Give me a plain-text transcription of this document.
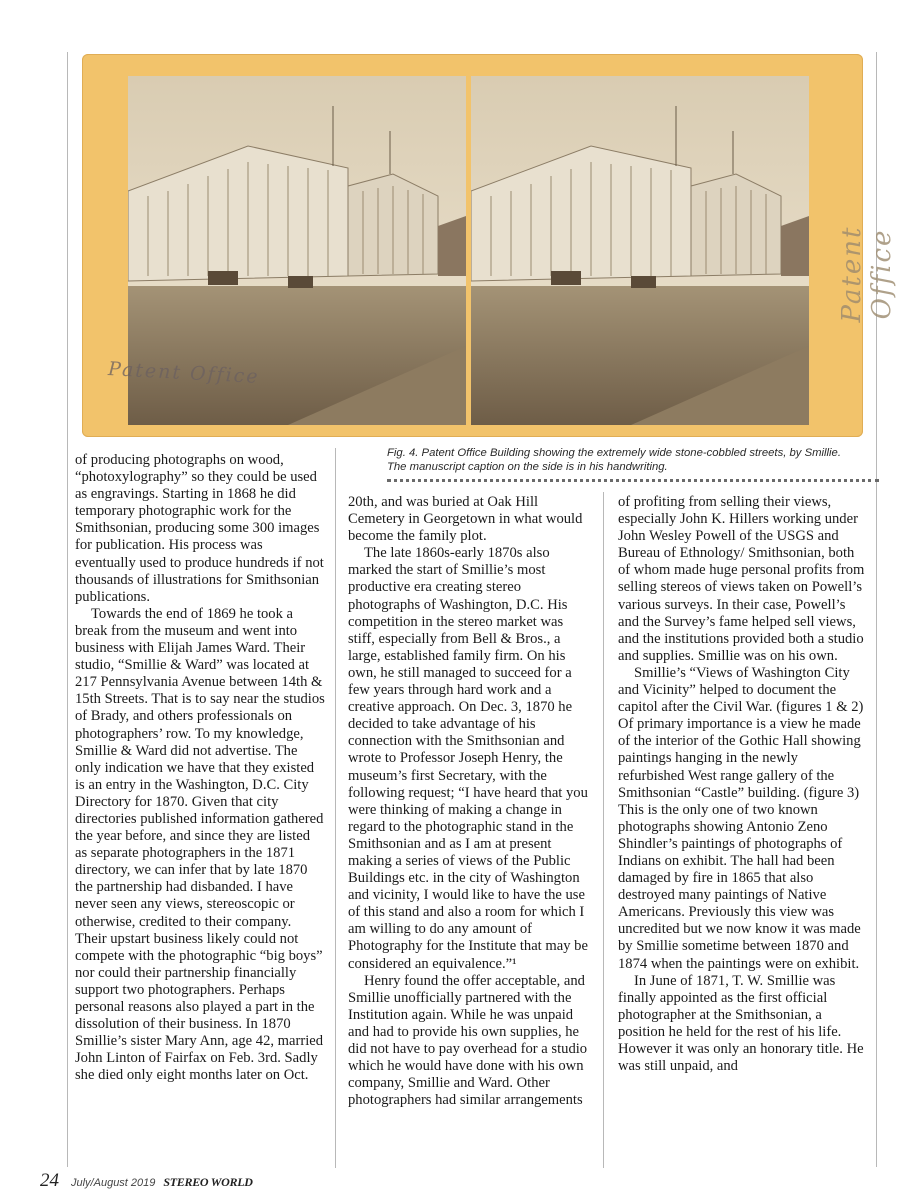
Patent Office
Patent Office
Fig. 4. Patent Office Building showing the extremely wide stone-cobbled streets, by Smillie.
The manuscript caption on the side is in his handwriting.

of producing photographs on wood, “photoxylography” so they could be used as engravings. Starting in 1868 he did temporary photographic work for the Smithsonian, producing some 300 images for publication. His process was eventually used to produce hundreds if not thousands of illustrations for Smithsonian publications.

Towards the end of 1869 he took a break from the museum and went into business with Elijah James Ward. Their studio, “Smillie & Ward” was located at 217 Pennsylvania Avenue between 14th & 15th Streets. That is to say near the studios of Brady, and others professionals on photographers’ row. To my knowledge, Smillie & Ward did not advertise. The only indication we have that they existed is an entry in the Washington, D.C. City Directory for 1870. Given that city directories published information gathered the year before, and since they are listed as separate photographers in the 1871 directory, we can infer that by late 1870 the partnership had disbanded. I have never seen any views, stereoscopic or otherwise, credited to their company. Their upstart business likely could not compete with the photographic “big boys” nor could their partnership financially support two photographers. Perhaps personal reasons also played a part in the dissolution of their business. In 1870 Smillie’s sister Mary Ann, age 42, married John Linton of Fairfax on Feb. 3rd. Sadly she died only eight months later on Oct.

20th, and was buried at Oak Hill Cemetery in Georgetown in what would become the family plot.

The late 1860s-early 1870s also marked the start of Smillie’s most productive era creating stereo photographs of Washington, D.C. His competition in the stereo market was stiff, especially from Bell & Bros., a large, established family firm. On his own, he still managed to succeed for a few years through hard work and a creative approach. On Dec. 3, 1870 he decided to take advantage of his connection with the Smithsonian and wrote to Professor Joseph Henry, the museum’s first Secretary, with the following request; “I have heard that you were thinking of making a change in regard to the photographic stand in the Smithsonian and as I am at present making a series of views of the Public Buildings etc. in the city of Washington and vicinity, I would like to have the use of this stand and also a room for which I am willing to do any amount of Photography for the Institute that may be considered an equivalence.”¹

Henry found the offer acceptable, and Smillie unofficially partnered with the Institution again. While he was unpaid and had to provide his own supplies, he did not have to pay overhead for a studio which he would have done with his own company, Smillie and Ward. Other photographers had similar arrangements

of profiting from selling their views, especially John K. Hillers working under John Wesley Powell of the USGS and Bureau of Ethnology/ Smithsonian, both of whom made huge personal profits from selling stereos of views taken on Powell’s various surveys. In their case, Powell’s and the Survey’s fame helped sell views, and the institutions provided both a studio and supplies. Smillie was on his own.

Smillie’s “Views of Washington City and Vicinity” helped to document the capitol after the Civil War. (figures 1 & 2) Of primary importance is a view he made of the interior of the Gothic Hall showing paintings hanging in the newly refurbished West range gallery of the Smithsonian “Castle” building. (figure 3) This is the only one of two known photographs showing Antonio Zeno Shindler’s paintings of photographs of Indians on exhibit. The hall had been damaged by fire in 1865 that also destroyed many paintings of Native Americans. Previously this view was uncredited but we now know it was made by Smillie sometime between 1870 and 1874 when the paintings were on exhibit.

In June of 1871, T. W. Smillie was finally appointed as the first official photographer at the Smithsonian, a position he held for the rest of his life. However it was only an honorary title. He was still unpaid, and

24 July/August 2019 STEREO WORLD
